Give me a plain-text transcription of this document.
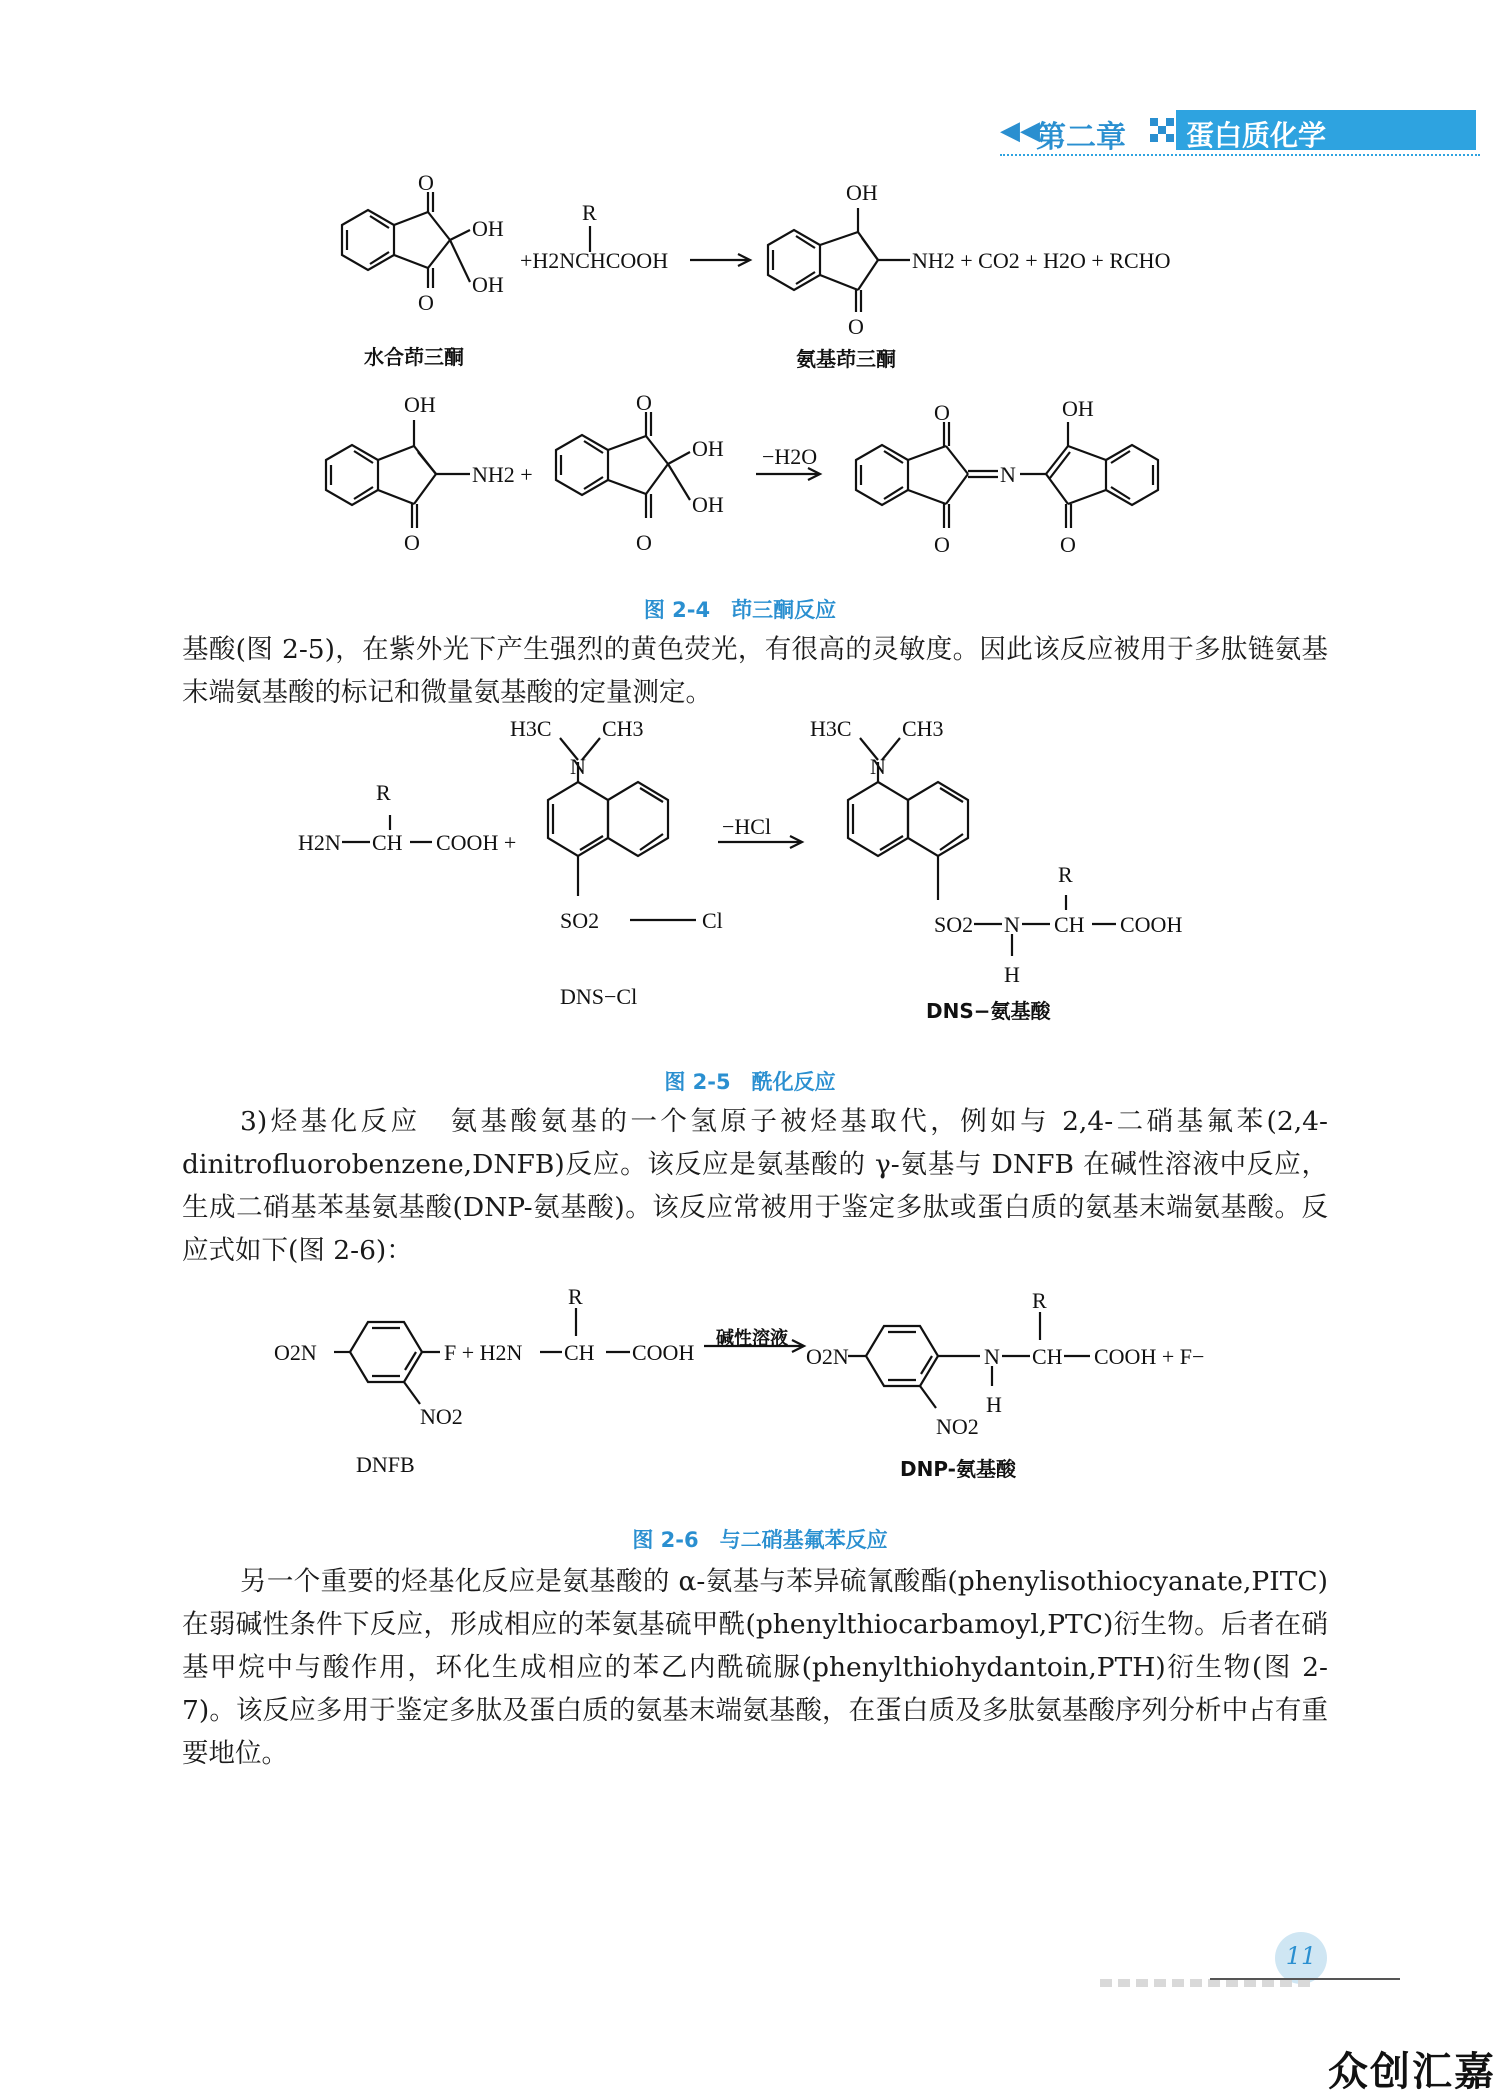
◀◀
第二章 蛋白质化学
O
OH
OH
O
R
+H2NCHCOOH
OH
NH2 + CO2 + H2O + RCHO
O
水合茚三酮	氨基茚三酮
OH
NH2 +
O
O
OH
OH
O
−H2O
O
N
O
OH
O
图 2-4　茚三酮反应
基酸(图 2-5)，在紫外光下产生强烈的黄色荧光，有很高的灵敏度。因此该反应被用于多肽链氨基末端氨基酸的标记和微量氨基酸的定量测定。
R
H2N CH COOH +
H3C CH3
N
SO2	Cl
−HCl
H3C CH3
N
R
SO2 N CH COOH
H
DNS−Cl
DNS−氨基酸
图 2-5　酰化反应
3)烃基化反应　氨基酸氨基的一个氢原子被烃基取代，例如与 2,4-二硝基氟苯(2,4-dinitrofluorobenzene,DNFB)反应。该反应是氨基酸的 γ-氨基与 DNFB 在碱性溶液中反应，生成二硝基苯基氨基酸(DNP-氨基酸)。该反应常被用于鉴定多肽或蛋白质的氨基末端氨基酸。反应式如下(图 2-6)：
O2N	F + H2N
R
CH COOH
碱性溶液
NO2
O2N	N
R
CH COOH + F−
H
NO2
DNFB	DNP-氨基酸
图 2-6　与二硝基氟苯反应
另一个重要的烃基化反应是氨基酸的 α-氨基与苯异硫氰酸酯(phenylisothiocyanate,PITC)在弱碱性条件下反应，形成相应的苯氨基硫甲酰(phenylthiocarbamoyl,PTC)衍生物。后者在硝基甲烷中与酸作用，环化生成相应的苯乙内酰硫脲(phenylthiohydantoin,PTH)衍生物(图 2-7)。该反应多用于鉴定多肽及蛋白质的氨基末端氨基酸，在蛋白质及多肽氨基酸序列分析中占有重要地位。
11
众创汇嘉
